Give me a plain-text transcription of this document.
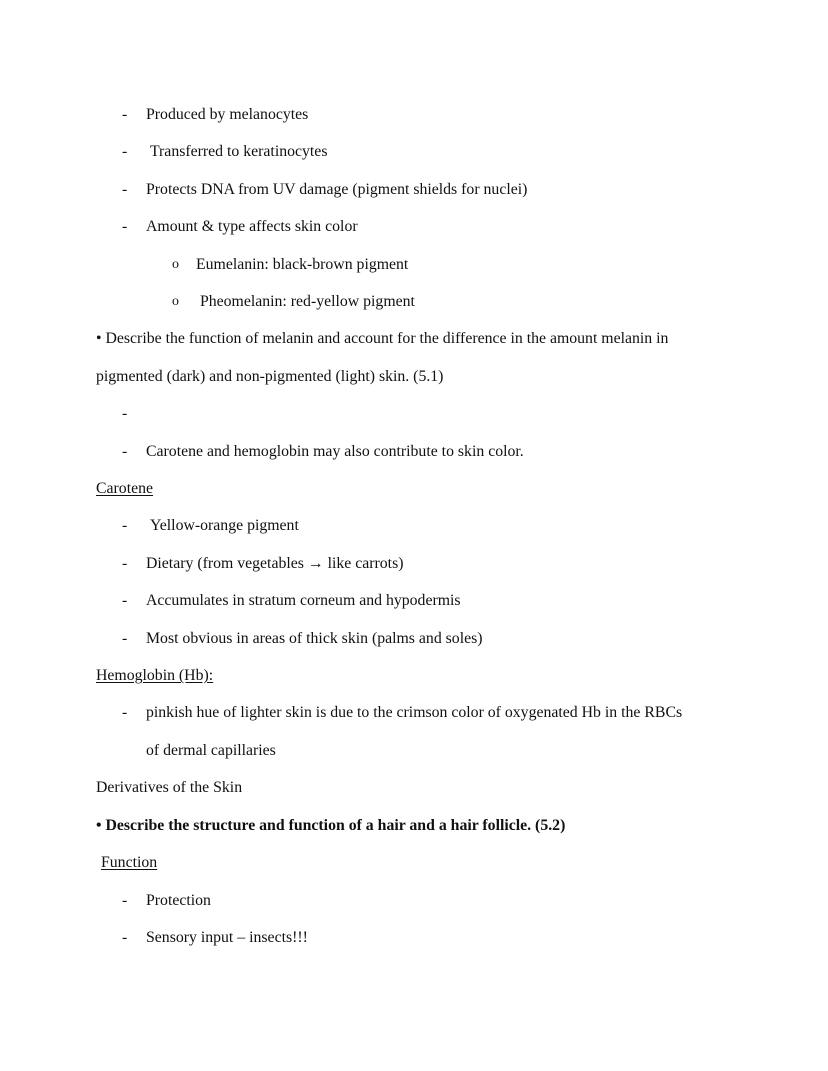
-	Produced by melanocytes
-	Transferred to keratinocytes
-	Protects DNA from UV damage (pigment shields for nuclei)
-	Amount & type affects skin color
o	Eumelanin: black-brown pigment
o	Pheomelanin: red-yellow pigment

• Describe the function of melanin and account for the difference in the amount melanin in pigmented (dark) and non-pigmented (light) skin. (5.1)

-
-	Carotene and hemoglobin may also contribute to skin color.
Carotene
-	Yellow-orange pigment
-	Dietary (from vegetables → like carrots)
-	Accumulates in stratum corneum and hypodermis
-	Most obvious in areas of thick skin (palms and soles)
Hemoglobin (Hb):
-	pinkish hue of lighter skin is due to the crimson color of oxygenated Hb in the RBCs of dermal capillaries

Derivatives of the Skin

• Describe the structure and function of a hair and a hair follicle. (5.2)

Function
-	Protection
-	Sensory input – insects!!!
